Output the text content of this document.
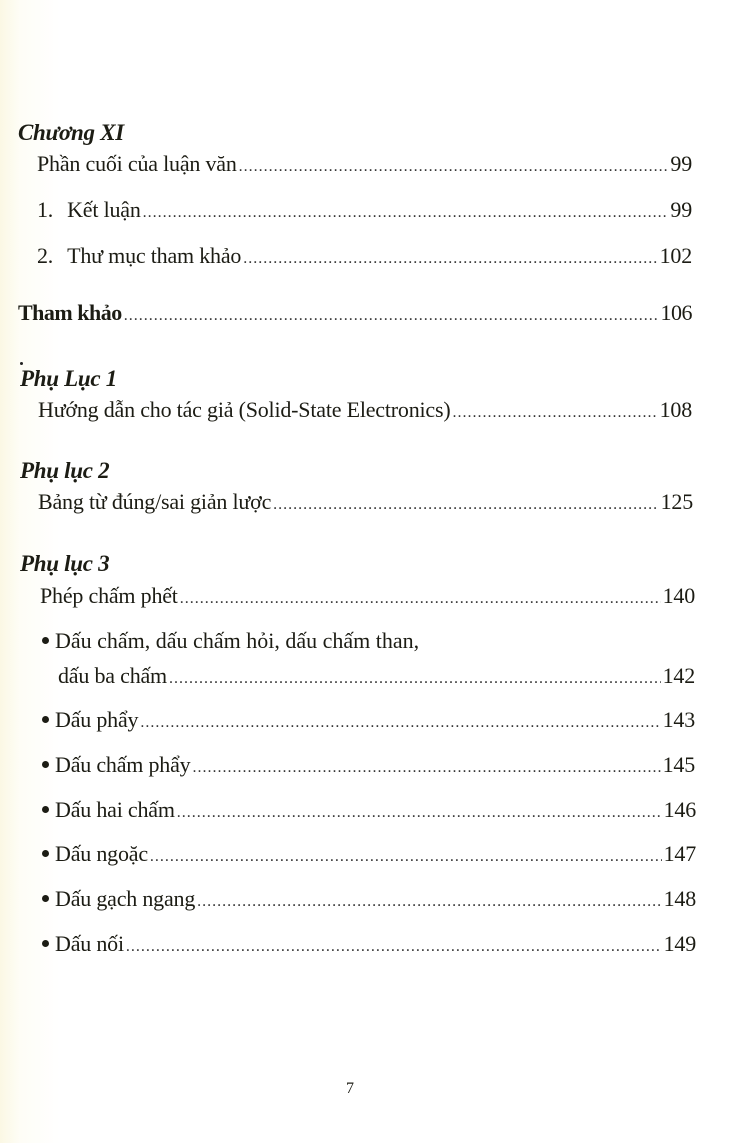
Chương XI
Phần cuối của luận văn .....	99
1. Kết luận .....	99
2. Thư mục tham khảo .....	102
Tham khảo .....	106
Phụ Lục 1
Hướng dẫn cho tác giả (Solid-State Electronics) .....	108
Phụ lục 2
Bảng từ đúng/sai giản lược .....	125
Phụ lục 3
Phép chấm phết .....	140
Dấu chấm, dấu chấm hỏi, dấu chấm than,
dấu ba chấm .....	142
Dấu phẩy .....	143
Dấu chấm phẩy .....	145
Dấu hai chấm .....	146
Dấu ngoặc .....	147
Dấu gạch ngang .....	148
Dấu nối .....	149
7
